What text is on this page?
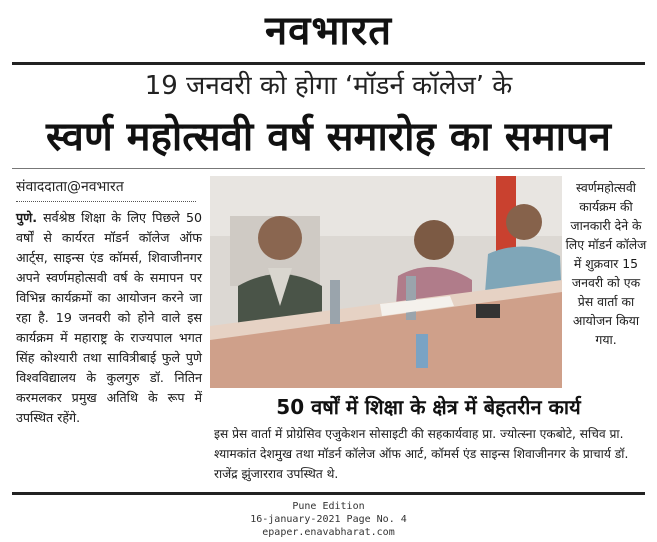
नवभारत
19 जनवरी को होगा ‘मॉडर्न कॉलेज’ के
स्वर्ण महोत्सवी वर्ष समारोह का समापन
संवाददाता@नवभारत
पुणे. सर्वश्रेष्ठ शिक्षा के लिए पिछले 50 वर्षों से कार्यरत मॉडर्न कॉलेज ऑफ आर्ट्स, साइन्स एंड कॉमर्स, शिवाजीनगर अपने स्वर्णमहोत्सवी वर्ष के समापन पर विभिन्न कार्यक्रमों का आयोजन करने जा रहा है. 19 जनवरी को होने वाले इस कार्यक्रम में महाराष्ट्र के राज्यपाल भगत सिंह कोश्यारी तथा सावित्रीबाई फुले पुणे विश्वविद्यालय के कुलगुरु डॉ. नितिन करमलकर प्रमुख अतिथि के रूप में उपस्थित रहेंगे.
स्वर्णमहोत्सवी कार्यक्रम की जानकारी देने के लिए मॉडर्न कॉलेज में शुक्रवार 15 जनवरी को एक प्रेस वार्ता का आयोजन किया गया.
50 वर्षों में शिक्षा के क्षेत्र में बेहतरीन कार्य
इस प्रेस वार्ता में प्रोग्रेसिव एजुकेशन सोसाइटी की सहकार्यवाह प्रा. ज्योत्स्ना एकबोटे, सचिव प्रा. श्यामकांत देशमुख तथा मॉडर्न कॉलेज ऑफ आर्ट, कॉमर्स एंड साइन्स शिवाजीनगर के प्राचार्य डॉ. राजेंद्र झुंजारराव उपस्थित थे.
Pune Edition
16-january-2021 Page No. 4
epaper.enavabharat.com
